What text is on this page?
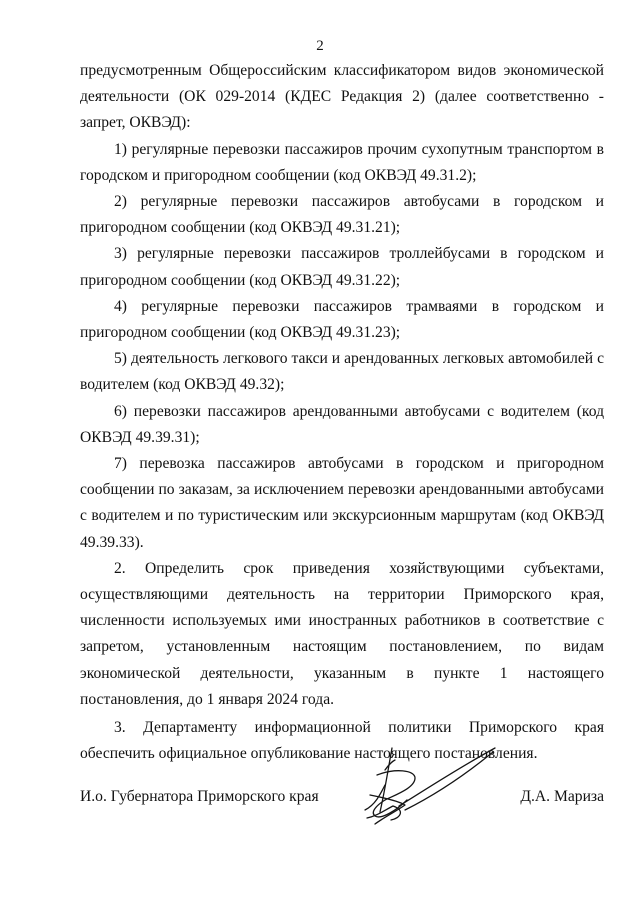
2

предусмотренным Общероссийским классификатором видов экономической деятельности (ОК 029-2014 (КДЕС Редакция 2) (далее соответственно - запрет, ОКВЭД):

1) регулярные перевозки пассажиров прочим сухопутным транспортом в городском и пригородном сообщении (код ОКВЭД 49.31.2);

2) регулярные перевозки пассажиров автобусами в городском и пригородном сообщении (код ОКВЭД 49.31.21);

3) регулярные перевозки пассажиров троллейбусами в городском и пригородном сообщении (код ОКВЭД 49.31.22);

4) регулярные перевозки пассажиров трамваями в городском и пригородном сообщении (код ОКВЭД 49.31.23);

5) деятельность легкового такси и арендованных легковых автомобилей с водителем (код ОКВЭД 49.32);

6) перевозки пассажиров арендованными автобусами с водителем (код ОКВЭД 49.39.31);

7) перевозка пассажиров автобусами в городском и пригородном сообщении по заказам, за исключением перевозки арендованными автобусами с водителем и по туристическим или экскурсионным маршрутам (код ОКВЭД 49.39.33).

2. Определить срок приведения хозяйствующими субъектами, осуществляющими деятельность на территории Приморского края, численности используемых ими иностранных работников в соответствие с запретом, установленным настоящим постановлением, по видам экономической деятельности, указанным в пункте 1 настоящего постановления, до 1 января 2024 года.

3. Департаменту информационной политики Приморского края обеспечить официальное опубликование настоящего постановления.

И.о. Губернатора Приморского края	Д.А. Мариза
